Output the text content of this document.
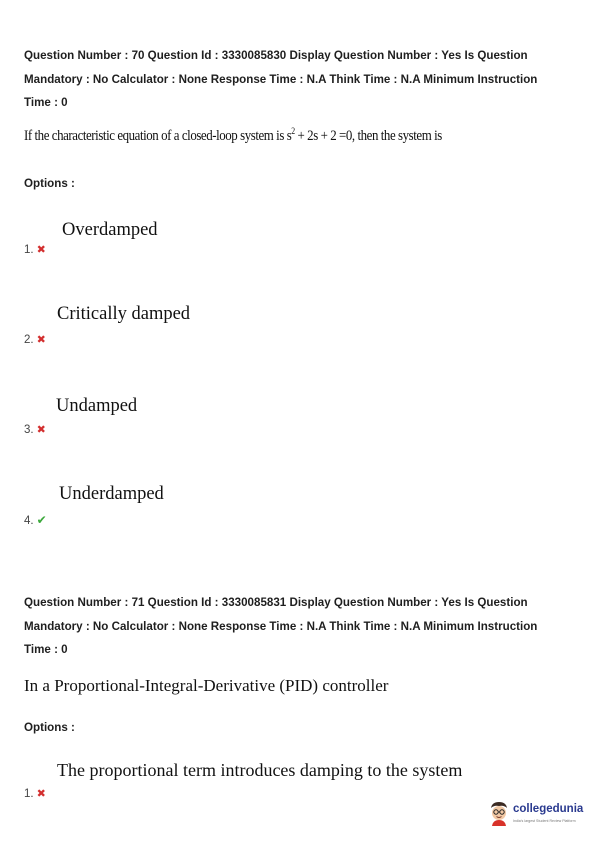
Question Number : 70 Question Id : 3330085830 Display Question Number : Yes Is Question
Mandatory : No Calculator : None Response Time : N.A Think Time : N.A Minimum Instruction
Time : 0
If the characteristic equation of a closed-loop system is $s^2 + 2s + 2 =0$, then the system is
Options :
Overdamped
1. ✖
Critically damped
2. ✖
Undamped
3. ✖
Underdamped
4. ✔
Question Number : 71 Question Id : 3330085831 Display Question Number : Yes Is Question
Mandatory : No Calculator : None Response Time : N.A Think Time : N.A Minimum Instruction
Time : 0
In a Proportional-Integral-Derivative (PID) controller
Options :
The proportional term introduces damping to the system
1. ✖
collegedunia
India's largest Student Review Platform
